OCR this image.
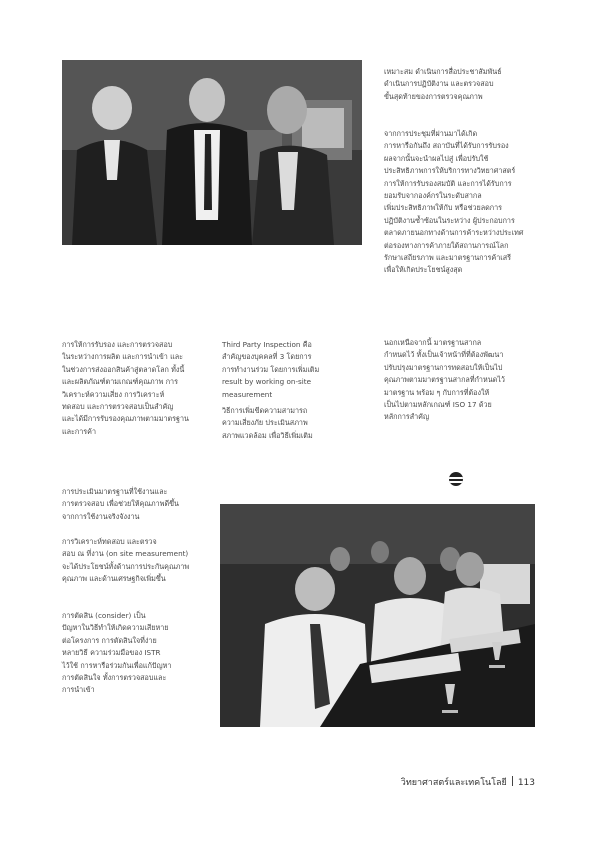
เหมาะสม ดำเนินการสื่อประชาสัมพันธ์
ดำเนินการปฏิบัติงาน และตรวจสอบ
ขั้นสุดท้ายของการตรวจคุณภาพ
จากการประชุมที่ผ่านมาได้เกิด
การหารือกันถึง สถาบันที่ได้รับการรับรอง
ผลจากนั้นจะนำผลไปสู่ เพื่อปรับใช้
ประสิทธิภาพการให้บริการทางวิทยาศาสตร์
การให้การรับรองสมบัติ และการได้รับการ
ยอมรับจากองค์กรในระดับสากล
เพิ่มประสิทธิภาพให้กับ หรือช่วยลดการ
ปฏิบัติงานซ้ำซ้อนในระหว่าง ผู้ประกอบการ
ตลาดภายนอกทางด้านการค้าระหว่างประเทศ
ต่อรองทางการค้าภายใต้สถานการณ์โลก
รักษาเสถียรภาพ และมาตรฐานการค้าเสรี
เพื่อให้เกิดประโยชน์สูงสุด
นอกเหนือจากนี้ มาตรฐานสากล
กำหนดไว้ ทั้งเป็นเจ้าหน้าที่ที่ต้องพัฒนา
ปรับปรุงมาตรฐานการทดสอบให้เป็นไป
คุณภาพตามมาตรฐานสากลที่กำหนดไว้
มาตรฐาน พร้อม ๆ กับการที่ต้องให้
เป็นไปตามหลักเกณฑ์ ISO 17 ด้วย
หลักการสำคัญ
การให้การรับรอง และการตรวจสอบ
ในระหว่างการผลิต และการนำเข้า และ
ในช่วงการส่งออกสินค้าสู่ตลาดโลก ทั้งนี้
และผลิตภัณฑ์ตามเกณฑ์คุณภาพ การ
วิเคราะห์ความเสี่ยง การวิเคราะห์
ทดสอบ และการตรวจสอบเป็นสำคัญ
และได้มีการรับรองคุณภาพตามมาตรฐาน
และการค้า
การประเมินมาตรฐานที่ใช้งานและ
การตรวจสอบ เพื่อช่วยให้คุณภาพดีขึ้น
จากการใช้งานจริงจังงาน
การวิเคราะห์ทดสอบ และตรวจ
สอบ ณ ที่งาน (on site measurement)
จะได้ประโยชน์ทั้งด้านการประกันคุณภาพ
คุณภาพ และด้านเศรษฐกิจเพิ่มขึ้น
การตัดสิน (consider) เป็น
ปัญหาในวิธีทำให้เกิดความเสียหาย
ต่อโครงการ การตัดสินใจที่ง่าย
หลายวิธี ความร่วมมือของ ISTR
ไว้ใช้ การหารือร่วมกันเพื่อแก้ปัญหา
การตัดสินใจ ทั้งการตรวจสอบและ
การนำเข้า
Third Party Inspection คือ
สำคัญของบุคคลที่ 3 โดยการ
การทำงานร่วม โดยการเพิ่มเติม
result by working on-site
measurement
วิธีการเพิ่มขีดความสามารถ
ความเสี่ยงภัย ประเมินสภาพ
สภาพแวดล้อม เพื่อวิธีเพิ่มเติม
วิทยาศาสตร์และเทคโนโลยี 113
